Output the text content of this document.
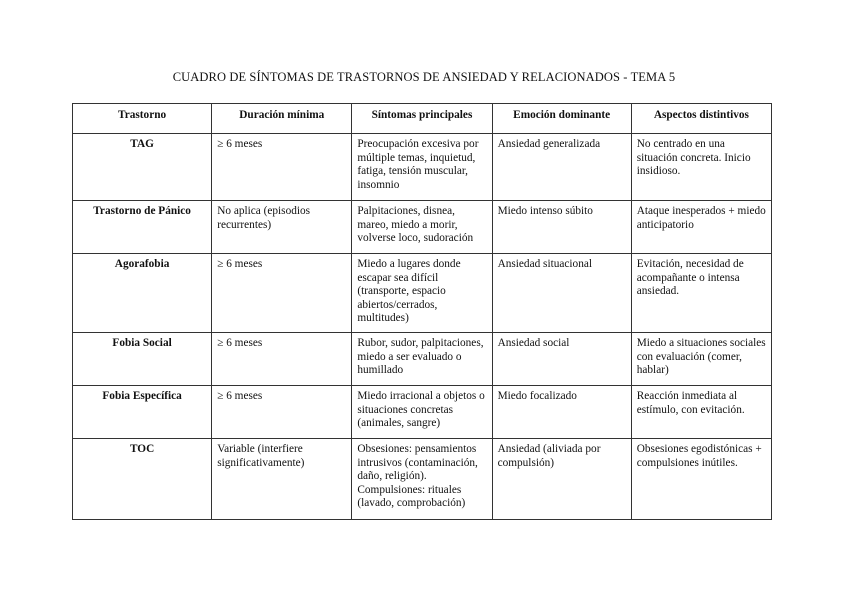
CUADRO DE SÍNTOMAS DE TRASTORNOS DE ANSIEDAD Y RELACIONADOS - TEMA 5
Trastorno	Duración mínima	Síntomas principales	Emoción dominante	Aspectos distintivos
TAG	≥ 6 meses	Preocupación excesiva por múltiple temas, inquietud, fatiga, tensión muscular, insomnio	Ansiedad generalizada	No centrado en una situación concreta. Inicio insidioso.
Trastorno de Pánico	No aplica (episodios recurrentes)	Palpitaciones, disnea, mareo, miedo a morir, volverse loco, sudoración	Miedo intenso súbito	Ataque inesperados + miedo anticipatorio
Agorafobia	≥ 6 meses	Miedo a lugares donde escapar sea difícil (transporte, espacio abiertos/cerrados, multitudes)	Ansiedad situacional	Evitación, necesidad de acompañante o intensa ansiedad.
Fobia Social	≥ 6 meses	Rubor, sudor, palpitaciones, miedo a ser evaluado o humillado	Ansiedad social	Miedo a situaciones sociales con evaluación (comer, hablar)
Fobia Específica	≥ 6 meses	Miedo irracional a objetos o situaciones concretas (animales, sangre)	Miedo focalizado	Reacción inmediata al estímulo, con evitación.
TOC	Variable (interfiere significativamente)	Obsesiones: pensamientos intrusivos (contaminación, daño, religión). Compulsiones: rituales (lavado, comprobación)	Ansiedad (aliviada por compulsión)	Obsesiones egodistónicas + compulsiones inútiles.
